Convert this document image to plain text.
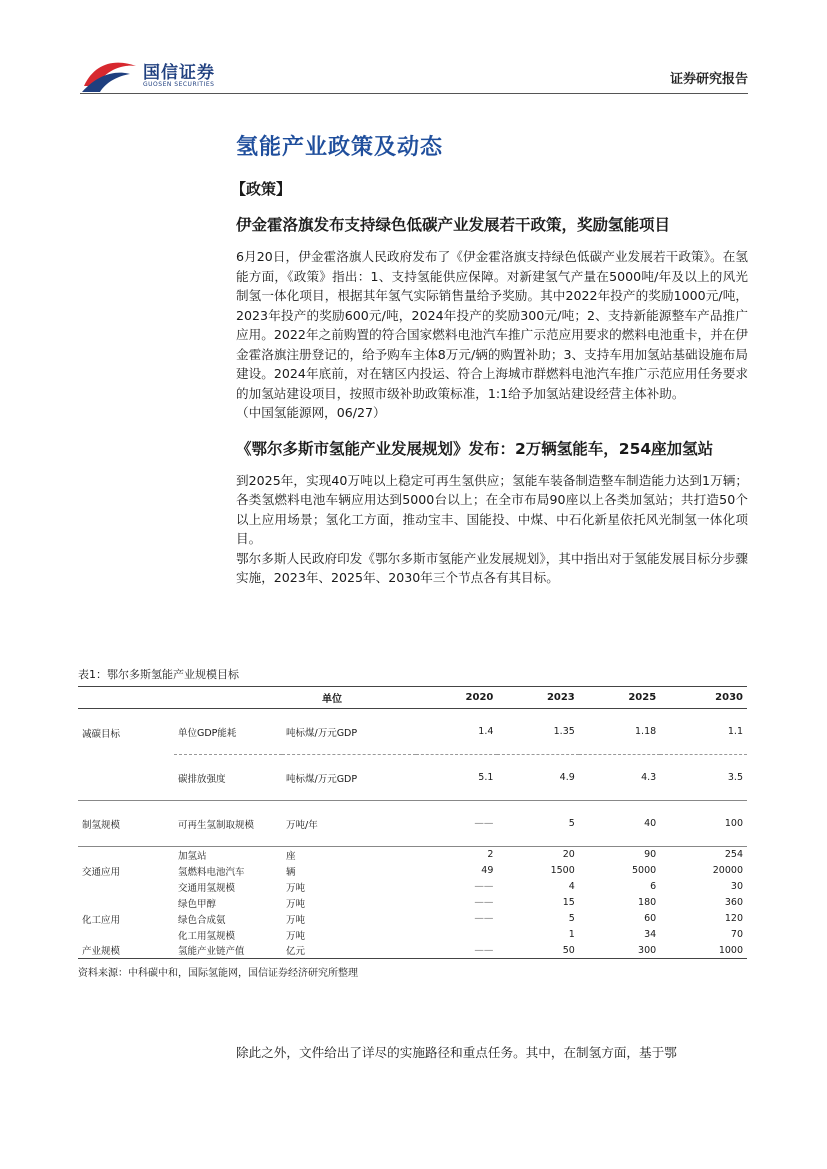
国信证券
GUOSEN SECURITIES	证券研究报告
氢能产业政策及动态
【政策】
伊金霍洛旗发布支持绿色低碳产业发展若干政策，奖励氢能项目
6月20日，伊金霍洛旗人民政府发布了《伊金霍洛旗支持绿色低碳产业发展若干政策》。在氢能方面，《政策》指出：1、支持氢能供应保障。对新建氢气产量在5000吨/年及以上的风光制氢一体化项目，根据其年氢气实际销售量给予奖励。其中2022年投产的奖励1000元/吨，2023年投产的奖励600元/吨，2024年投产的奖励300元/吨；2、支持新能源整车产品推广应用。2022年之前购置的符合国家燃料电池汽车推广示范应用要求的燃料电池重卡，并在伊金霍洛旗注册登记的，给予购车主体8万元/辆的购置补助；3、支持车用加氢站基础设施布局建设。2024年底前，对在辖区内投运、符合上海城市群燃料电池汽车推广示范应用任务要求的加氢站建设项目，按照市级补助政策标准，1:1给予加氢站建设经营主体补助。
（中国氢能源网，06/27）
《鄂尔多斯市氢能产业发展规划》发布：2万辆氢能车，254座加氢站
到2025年，实现40万吨以上稳定可再生氢供应；氢能车装备制造整车制造能力达到1万辆；各类氢燃料电池车辆应用达到5000台以上；在全市布局90座以上各类加氢站；共打造50个以上应用场景；氢化工方面，推动宝丰、国能投、中煤、中石化新星依托风光制氢一体化项目。
鄂尔多斯人民政府印发《鄂尔多斯市氢能产业发展规划》，其中指出对于氢能发展目标分步骤实施，2023年、2025年、2030年三个节点各有其目标。
表1：鄂尔多斯氢能产业规模目标
		单位	2020	2023	2025	2030
	单位GDP能耗	吨标煤/万元GDP	1.4	1.35	1.18	1.1

减碳目标						

	碳排放强度	吨标煤/万元GDP	5.1	4.9	4.3	3.5
制氢规模	可再生氢制取规模	万吨/年	——	5	40	100
	加氢站	座	2	20	90	254
交通应用	氢燃料电池汽车	辆	49	1500	5000	20000
	交通用氢规模	万吨	——	4	6	30
	绿色甲醇	万吨	——	15	180	360
化工应用	绿色合成氨	万吨	——	5	60	120
	化工用氢规模	万吨		1	34	70
产业规模	氢能产业链产值	亿元	——	50	300	1000
资料来源：中科碳中和，国际氢能网，国信证券经济研究所整理
除此之外，文件给出了详尽的实施路径和重点任务。其中，在制氢方面，基于鄂
